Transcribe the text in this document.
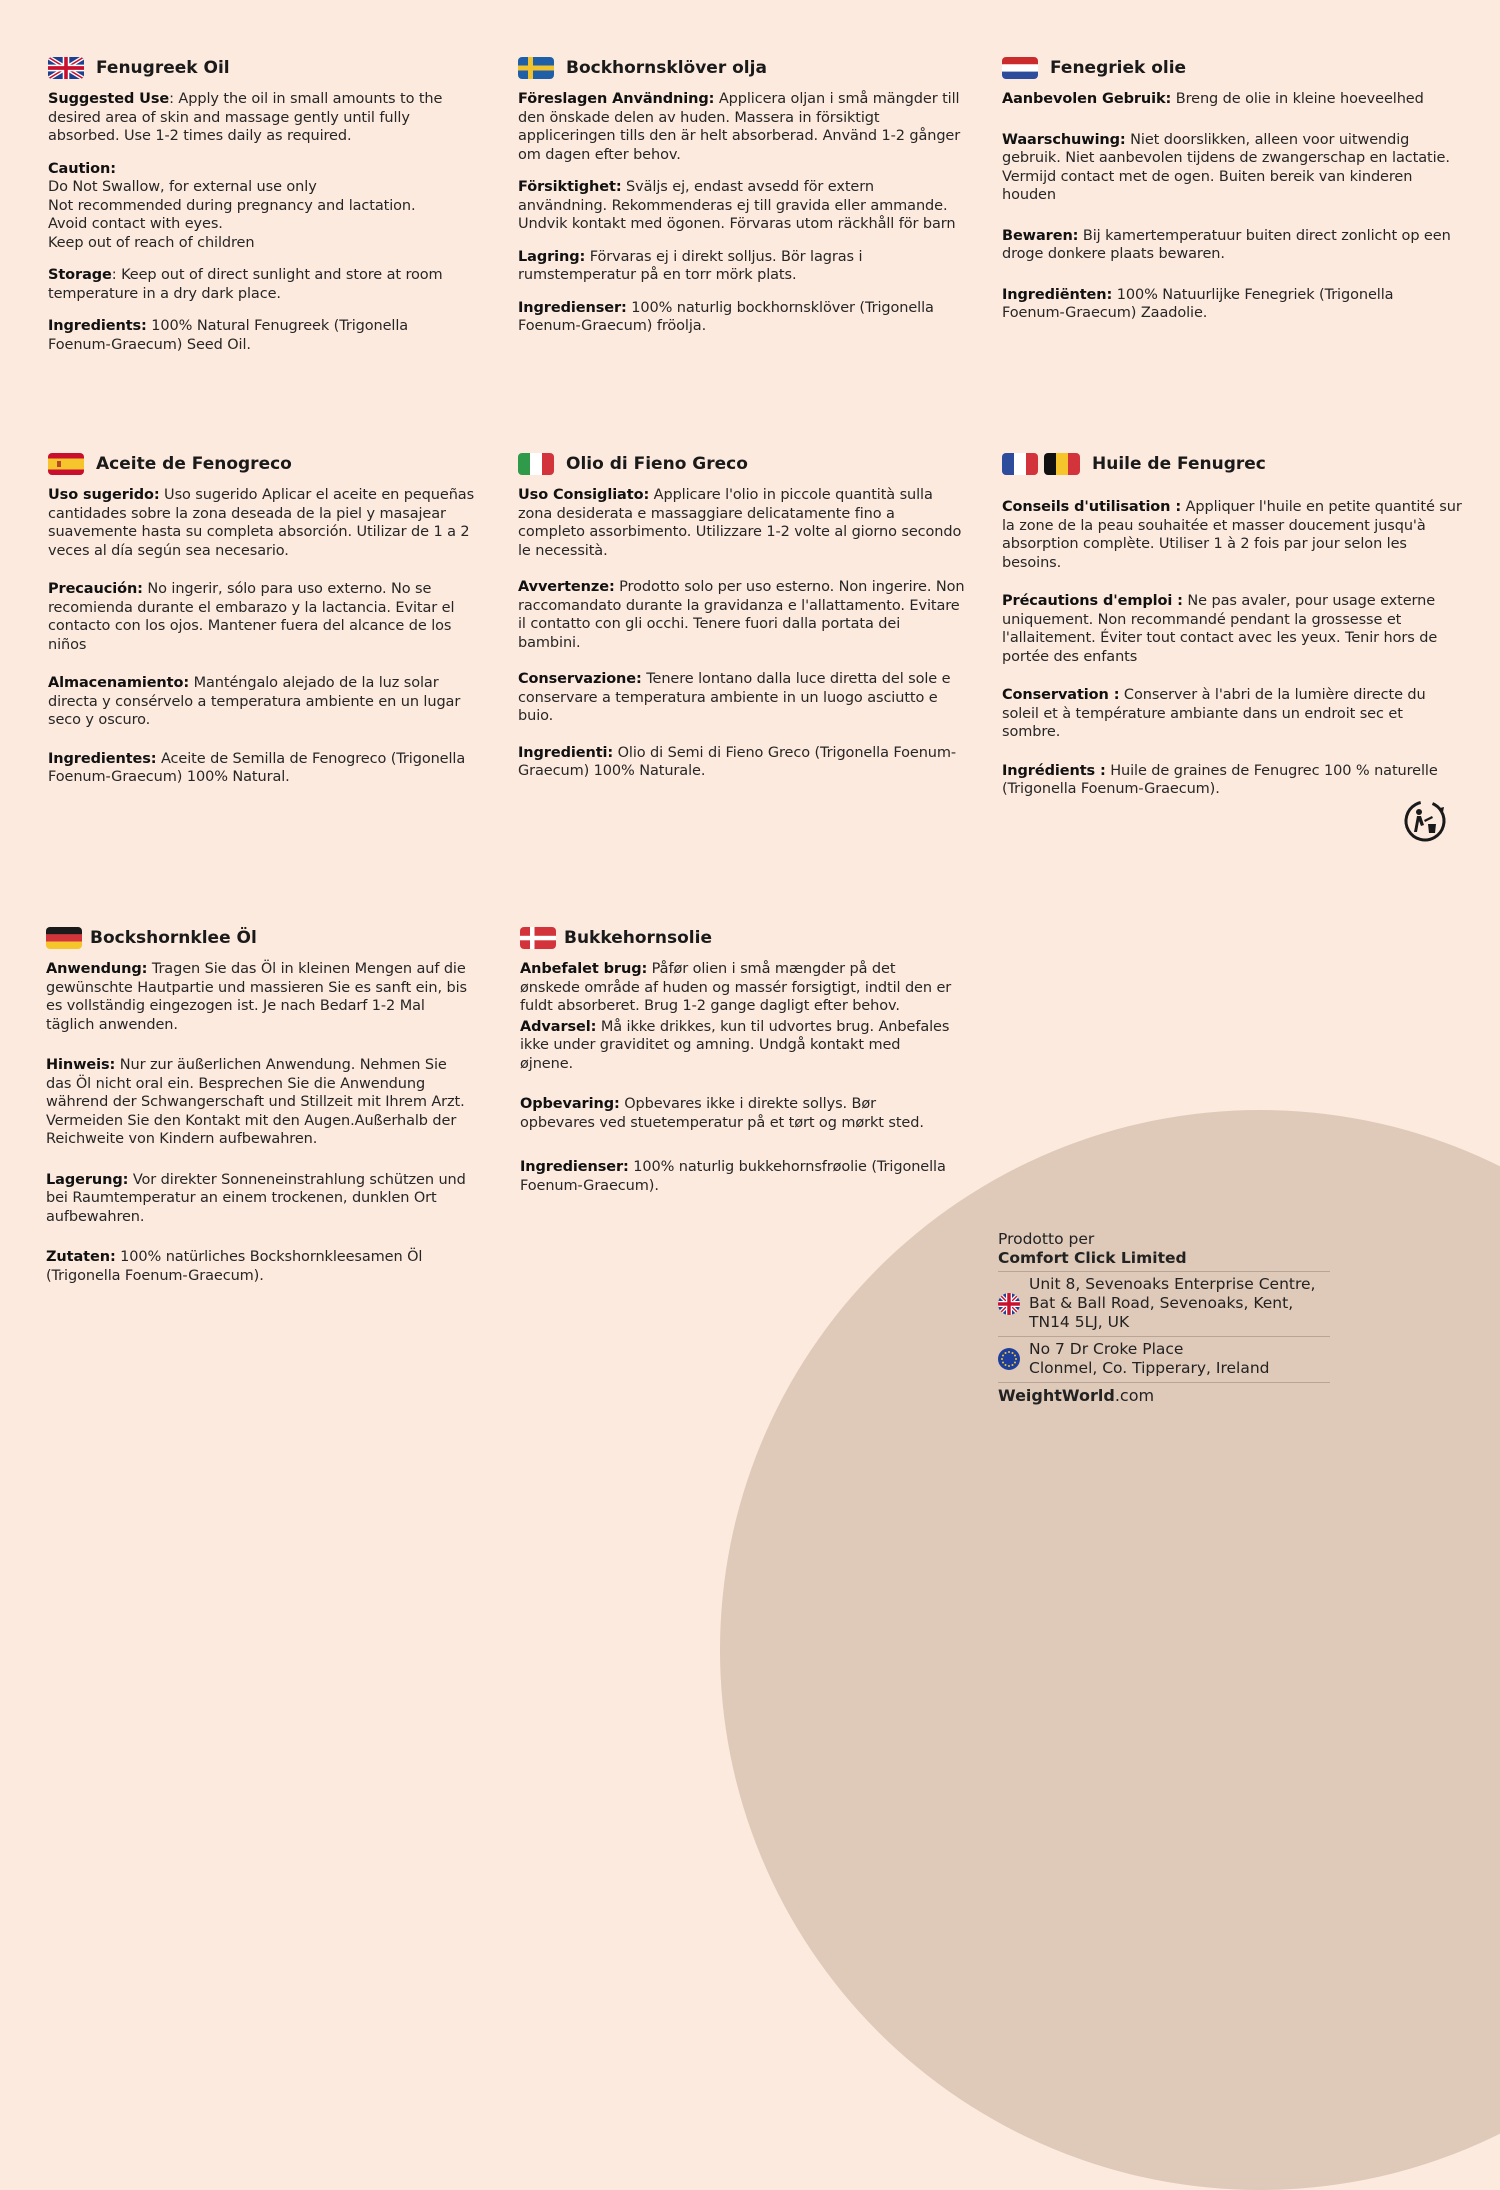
Fenugreek Oil

Suggested Use: Apply the oil in small amounts to the desired area of skin and massage gently until fully absorbed. Use 1-2 times daily as required.

Caution:
Do Not Swallow, for external use only
Not recommended during pregnancy and lactation.
Avoid contact with eyes.
Keep out of reach of children

Storage: Keep out of direct sunlight and store at room temperature in a dry dark place.

Ingredients: 100% Natural Fenugreek (Trigonella Foenum-Graecum) Seed Oil.

Bockhornsklöver olja

Föreslagen Användning: Applicera oljan i små mängder till den önskade delen av huden. Massera in försiktigt appliceringen tills den är helt absorberad. Använd 1-2 gånger om dagen efter behov.

Försiktighet: Sväljs ej, endast avsedd för extern användning. Rekommenderas ej till gravida eller ammande. Undvik kontakt med ögonen. Förvaras utom räckhåll för barn

Lagring: Förvaras ej i direkt solljus. Bör lagras i rumstemperatur på en torr mörk plats.

Ingredienser: 100% naturlig bockhornsklöver (Trigonella Foenum-Graecum) fröolja.

Fenegriek olie

Aanbevolen Gebruik: Breng de olie in kleine hoeveelhed

Waarschuwing: Niet doorslikken, alleen voor uitwendig gebruik. Niet aanbevolen tijdens de zwangerschap en lactatie. Vermijd contact met de ogen. Buiten bereik van kinderen houden

Bewaren: Bij kamertemperatuur buiten direct zonlicht op een droge donkere plaats bewaren.

Ingrediënten: 100% Natuurlijke Fenegriek (Trigonella Foenum-Graecum) Zaadolie.

Aceite de Fenogreco

Uso sugerido: Uso sugerido Aplicar el aceite en pequeñas cantidades sobre la zona deseada de la piel y masajear suavemente hasta su completa absorción. Utilizar de 1 a 2 veces al día según sea necesario.

Precaución: No ingerir, sólo para uso externo. No se recomienda durante el embarazo y la lactancia. Evitar el contacto con los ojos. Mantener fuera del alcance de los niños

Almacenamiento: Manténgalo alejado de la luz solar directa y consérvelo a temperatura ambiente en un lugar seco y oscuro.

Ingredientes: Aceite de Semilla de Fenogreco (Trigonella Foenum-Graecum) 100% Natural.

Olio di Fieno Greco

Uso Consigliato: Applicare l'olio in piccole quantità sulla zona desiderata e massaggiare delicatamente fino a completo assorbimento. Utilizzare 1-2 volte al giorno secondo le necessità.

Avvertenze: Prodotto solo per uso esterno. Non ingerire. Non raccomandato durante la gravidanza e l'allattamento. Evitare il contatto con gli occhi. Tenere fuori dalla portata dei bambini.

Conservazione: Tenere lontano dalla luce diretta del sole e conservare a temperatura ambiente in un luogo asciutto e buio.

Ingredienti: Olio di Semi di Fieno Greco (Trigonella Foenum-Graecum) 100% Naturale.

Huile de Fenugrec

Conseils d'utilisation : Appliquer l'huile en petite quantité sur la zone de la peau souhaitée et masser doucement jusqu'à absorption complète. Utiliser 1 à 2 fois par jour selon les besoins.

Précautions d'emploi : Ne pas avaler, pour usage externe uniquement. Non recommandé pendant la grossesse et l'allaitement. Éviter tout contact avec les yeux. Tenir hors de portée des enfants

Conservation : Conserver à l'abri de la lumière directe du soleil et à température ambiante dans un endroit sec et sombre.

Ingrédients : Huile de graines de Fenugrec 100 % naturelle (Trigonella Foenum-Graecum).

Bockshornklee Öl

Anwendung: Tragen Sie das Öl in kleinen Mengen auf die gewünschte Hautpartie und massieren Sie es sanft ein, bis es vollständig eingezogen ist. Je nach Bedarf 1-2 Mal täglich anwenden.

Hinweis: Nur zur äußerlichen Anwendung. Nehmen Sie das Öl nicht oral ein. Besprechen Sie die Anwendung während der Schwangerschaft und Stillzeit mit Ihrem Arzt. Vermeiden Sie den Kontakt mit den Augen.Außerhalb der Reichweite von Kindern aufbewahren.

Lagerung: Vor direkter Sonneneinstrahlung schützen und bei Raumtemperatur an einem trockenen, dunklen Ort aufbewahren.

Zutaten: 100% natürliches Bockshornkleesamen Öl (Trigonella Foenum-Graecum).

Bukkehornsolie

Anbefalet brug: Påfør olien i små mængder på det ønskede område af huden og massér forsigtigt, indtil den er fuldt absorberet. Brug 1-2 gange dagligt efter behov.

Advarsel: Må ikke drikkes, kun til udvortes brug. Anbefales ikke under graviditet og amning. Undgå kontakt med øjnene.

Opbevaring: Opbevares ikke i direkte sollys. Bør opbevares ved stuetemperatur på et tørt og mørkt sted.

Ingredienser: 100% naturlig bukkehornsfrøolie (Trigonella Foenum-Graecum).

Prodotto per
Comfort Click Limited
Unit 8, Sevenoaks Enterprise Centre,
Bat & Ball Road, Sevenoaks, Kent,
TN14 5LJ, UK
No 7 Dr Croke Place
Clonmel, Co. Tipperary, Ireland
WeightWorld.com
